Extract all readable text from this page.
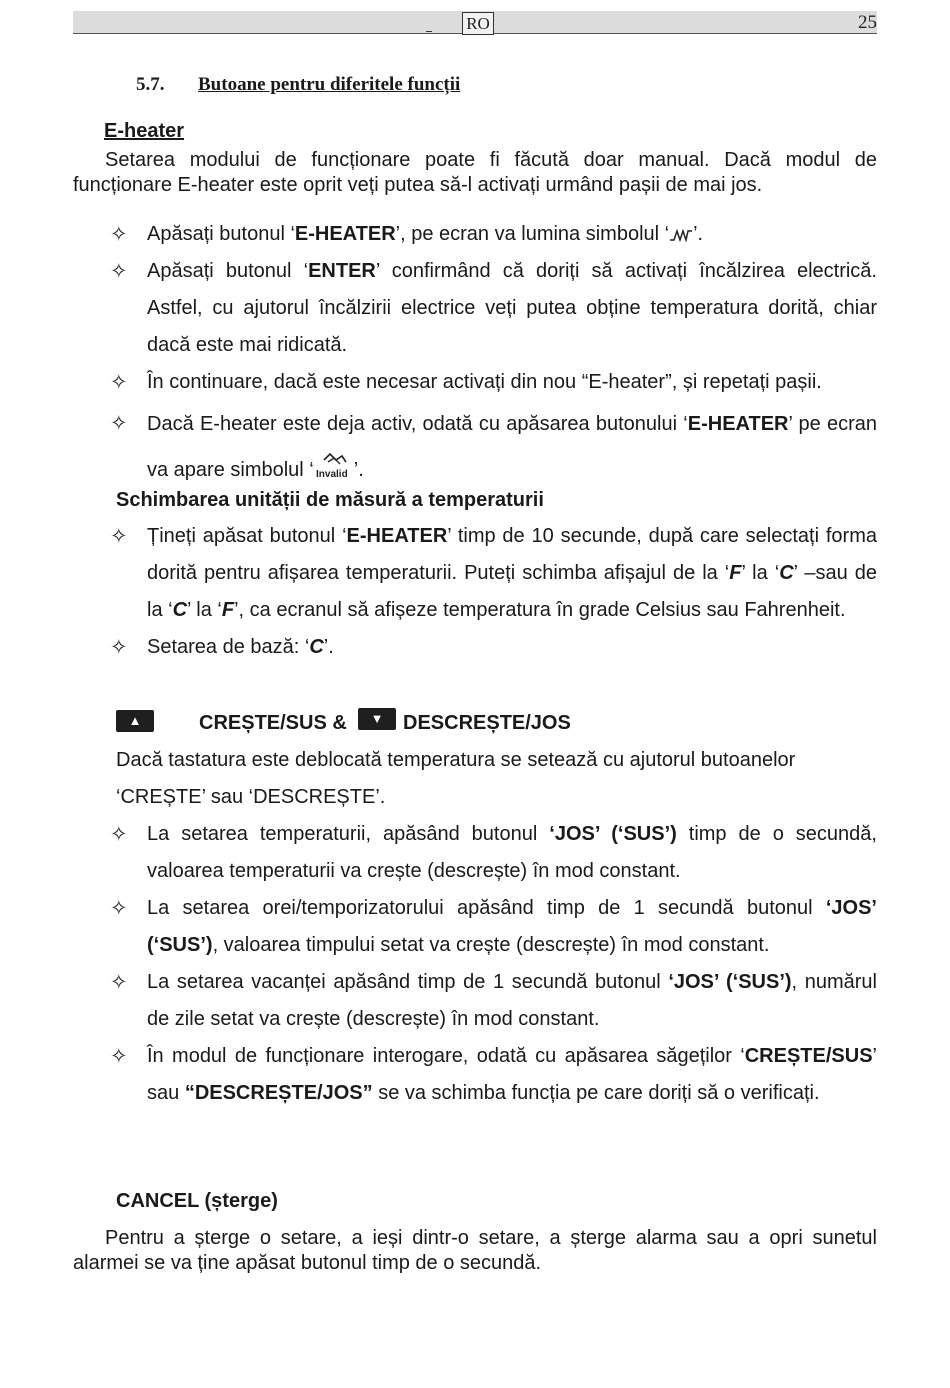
RO	25
5.7. Butoane pentru diferitele funcții
E-heater
Setarea modului de funcționare poate fi făcută doar manual. Dacă modul de funcționare E-heater este oprit veți putea să-l activați urmând pașii de mai jos.
✧ Apăsați butonul ‘E-HEATER’, pe ecran va lumina simbolul ‘ ’.
✧ Apăsați butonul ‘ENTER’ confirmând că doriți să activați încălzirea electrică. Astfel, cu ajutorul încălzirii electrice veți putea obține temperatura dorită, chiar dacă este mai ridicată.
✧ În continuare, dacă este necesar activați din nou “E-heater”, și repetați pașii.
✧ Dacă E-heater este deja activ, odată cu apăsarea butonului ‘E-HEATER’ pe ecran va apare simbolul ‘ Invalid ’.
Schimbarea unității de măsură a temperaturii
✧ Țineți apăsat butonul ‘E-HEATER’ timp de 10 secunde, după care selectați forma dorită pentru afișarea temperaturii. Puteți schimba afișajul de la ‘F’ la ‘C’ –sau de la ‘C’ la ‘F’, ca ecranul să afișeze temperatura în grade Celsius sau Fahrenheit.
✧ Setarea de bază: ‘C’.
▲	CREȘTE/SUS &	▼ DESCREȘTE/JOS
Dacă tastatura este deblocată temperatura se setează cu ajutorul butoanelor
‘CREȘTE’ sau ‘DESCREȘTE’.
✧ La setarea temperaturii, apăsând butonul ‘JOS’ (‘SUS’) timp de o secundă, valoarea temperaturii va crește (descrește) în mod constant.
✧ La setarea orei/temporizatorului apăsând timp de 1 secundă butonul ‘JOS’ (‘SUS’), valoarea timpului setat va crește (descrește) în mod constant.
✧ La setarea vacanței apăsând timp de 1 secundă butonul ‘JOS’ (‘SUS’), numărul de zile setat va crește (descrește) în mod constant.
✧ În modul de funcționare interogare, odată cu apăsarea săgeților ‘CREȘTE/SUS’ sau “DESCREȘTE/JOS” se va schimba funcția pe care doriți să o verificați.
CANCEL (șterge)
Pentru a șterge o setare, a ieși dintr-o setare, a șterge alarma sau a opri sunetul alarmei se va ține apăsat butonul timp de o secundă.
